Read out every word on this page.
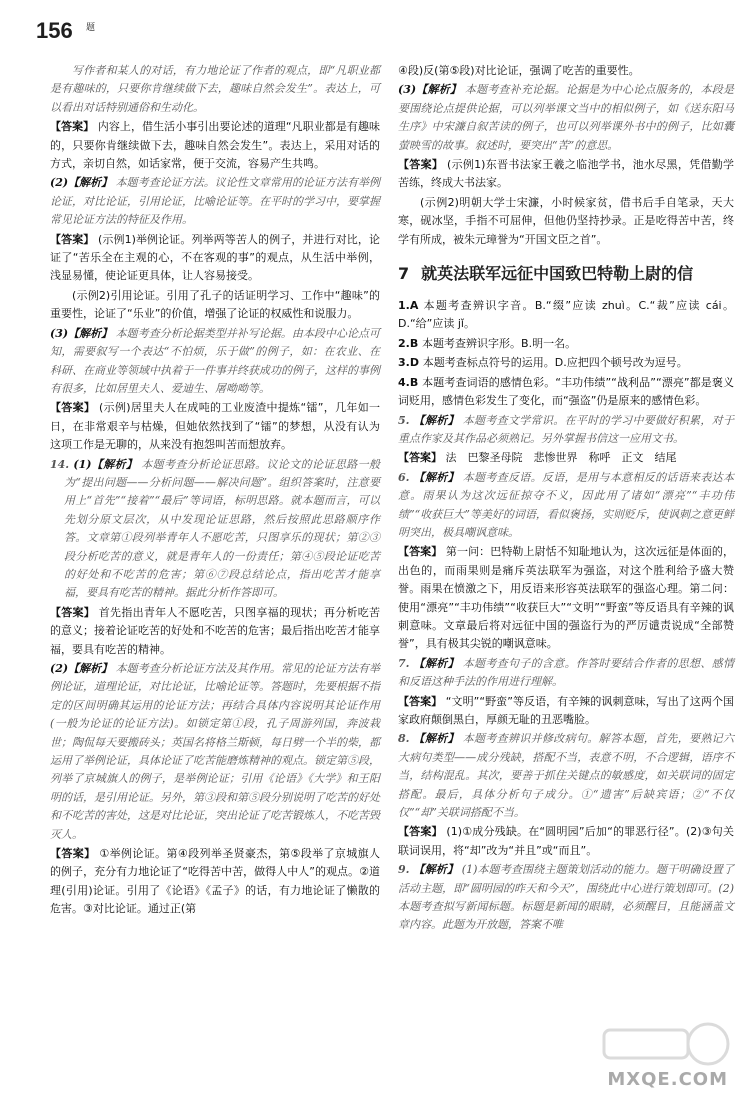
156 题

写作者和某人的对话，有力地论证了作者的观点，即“凡职业都是有趣味的，只要你肯继续做下去，趣味自然会发生”。表达上，可以看出对话特别通俗和生动化。

【答案】 内容上，借生活小事引出要论述的道理“凡职业都是有趣味的，只要你肯继续做下去，趣味自然会发生”。表达上，采用对话的方式，亲切自然，如话家常，便于交流，容易产生共鸣。

(2)【解析】 本题考查论证方法。议论性文章常用的论证方法有举例论证，对比论证，引用论证，比喻论证等。在平时的学习中，要掌握常见论证方法的特征及作用。

【答案】 (示例1)举例论证。列举两等苦人的例子，并进行对比，论证了“苦乐全在主观的心，不在客观的事”的观点，从生活中举例，浅显易懂，使论证更具体，让人容易接受。

(示例2)引用论证。引用了孔子的话证明学习、工作中“趣味”的重要性，论证了“乐业”的价值，增强了论证的权威性和说服力。

(3)【解析】 本题考查分析论据类型并补写论据。由本段中心论点可知，需要叙写一个表达“不怕烦，乐于做”的例子，如：在农业、在科研、在商业等领域中执着于一件事并终获成功的例子，这样的事例有很多，比如居里夫人、爱迪生、屠呦呦等。

【答案】 (示例)居里夫人在成吨的工业废渣中提炼“镭”，几年如一日，在非常艰辛与枯燥，但她依然找到了“镭”的梦想，从没有认为这项工作是无聊的，从来没有抱怨叫苦而想放弃。

14. (1)【解析】 本题考查分析论证思路。议论文的论证思路一般为“提出问题——分析问题——解决问题”。组织答案时，注意要用上“首先”“接着”“最后”等词语，标明思路。就本题而言，可以先划分原文层次，从中发现论证思路，然后按照此思路顺序作答。文章第①段列举青年人不愿吃苦，只图享乐的现状；第②③段分析吃苦的意义，就是青年人的一份责任；第④⑤段论证吃苦的好处和不吃苦的危害；第⑥⑦段总结论点，指出吃苦才能享福，要具有吃苦的精神。据此分析作答即可。

【答案】 首先指出青年人不愿吃苦，只图享福的现状；再分析吃苦的意义；接着论证吃苦的好处和不吃苦的危害；最后指出吃苦才能享福，要具有吃苦的精神。

(2)【解析】 本题考查分析论证方法及其作用。常见的论证方法有举例论证，道理论证，对比论证，比喻论证等。答题时，先要根据不指定的区间明确其运用的论证方法；再结合具体内容说明其论证作用(一般为论证的论证方法)。如锁定第①段，孔子周游列国，奔波栽世；陶侃每天要搬砖头；英国名将格兰斯顿，每日劈一个半的柴，都运用了举例论证，具体论证了吃苦能磨炼精神的观点。锁定第⑤段，列举了京城旗人的例子，是举例论证；引用《论语》《大学》和王阳明的话，是引用论证。另外，第③段和第⑤段分别说明了吃苦的好处和不吃苦的害处，这是对比论证，突出论证了吃苦锻炼人，不吃苦毁灭人。

【答案】 ①举例论证。第④段列举圣贤豪杰，第⑤段举了京城旗人的例子，充分有力地论证了“吃得苦中苦，做得人中人”的观点。②道理(引用)论证。引用了《论语》《孟子》的话，有力地论证了懒散的危害。③对比论证。通过正(第

④段)反(第⑤段)对比论证，强调了吃苦的重要性。

(3)【解析】 本题考查补充论据。论据是为中心论点服务的，本段是要围绕论点提供论据，可以列举课文当中的相似例子，如《送东阳马生序》中宋濂自叙苦读的例子，也可以列举课外书中的例子，比如囊萤映雪的故事。叙述时，要突出“苦”的意思。

【答案】 (示例1)东晋书法家王羲之临池学书，池水尽黑，凭借勤学苦练，终成大书法家。

(示例2)明朝大学士宋濂，小时候家贫，借书后手自笔录，天大寒，砚冰坚，手指不可屈伸，但他仍坚持抄录。正是吃得苦中苦，终学有所成，被朱元璋誉为“开国文臣之首”。

7 就英法联军远征中国致巴特勒上尉的信

1.A 本题考查辨识字音。B.“缀”应读 zhuì。C.“裁”应读 cái。D.“给”应读 jǐ。

2.B 本题考查辨识字形。B.明一名。

3.D 本题考查标点符号的运用。D.应把四个顿号改为逗号。

4.B 本题考查词语的感情色彩。“丰功伟绩”“战利品”“漂亮”都是褒义词贬用，感情色彩发生了变化，而“强盗”仍是原来的感情色彩。

5. 【解析】 本题考查文学常识。在平时的学习中要做好积累，对于重点作家及其作品必须熟记。另外掌握书信这一应用文书。

【答案】 法　巴黎圣母院　悲惨世界　称呼　正文　结尾

6. 【解析】 本题考查反语。反语，是用与本意相反的话语来表达本意。雨果认为这次远征掠夺不义，因此用了诸如“漂亮”“丰功伟绩”“收获巨大”等美好的词语，看似褒扬，实则贬斥，使讽刺之意更鲜明突出，极具嘲讽意味。

【答案】 第一问：巴特勒上尉恬不知耻地认为，这次远征是体面的，出色的，而雨果则是痛斥英法联军为强盗，对这个胜利给予盛大赞誉。雨果在愤激之下，用反语来形容英法联军的强盗心理。第二问：使用“漂亮”“丰功伟绩”“收获巨大”“文明”“野蛮”等反语具有辛辣的讽刺意味。文章最后将对远征中国的强盗行为的严厉谴责说成“全部赞誉”，具有极其尖锐的嘲讽意味。

7. 【解析】 本题考查句子的含意。作答时要结合作者的思想、感情和反语这种手法的作用进行理解。

【答案】 “文明”“野蛮”等反语，有辛辣的讽刺意味，写出了这两个国家政府颠倒黑白，厚颜无耻的丑恶嘴脸。

8. 【解析】 本题考查辨识并修改病句。解答本题，首先，要熟记六大病句类型——成分残缺，搭配不当，表意不明，不合逻辑，语序不当，结构混乱。其次，要善于抓住关键点的敏感度，如关联词的固定搭配。最后，具体分析句子成分。①“遗害”后缺宾语；②“不仅仅”“却”关联词搭配不当。

【答案】 (1)①成分残缺。在“圆明园”后加“的罪恶行径”。(2)③句关联词误用，将“却”改为“并且”或“而且”。

9. 【解析】 (1)本题考查围绕主题策划活动的能力。题干明确设置了活动主题，即“圆明园的昨天和今天”，围绕此中心进行策划即可。(2)本题考查拟写新闻标题。标题是新闻的眼睛，必须醒目，且能涵盖文章内容。此题为开放题，答案不唯

MXQE.COM
